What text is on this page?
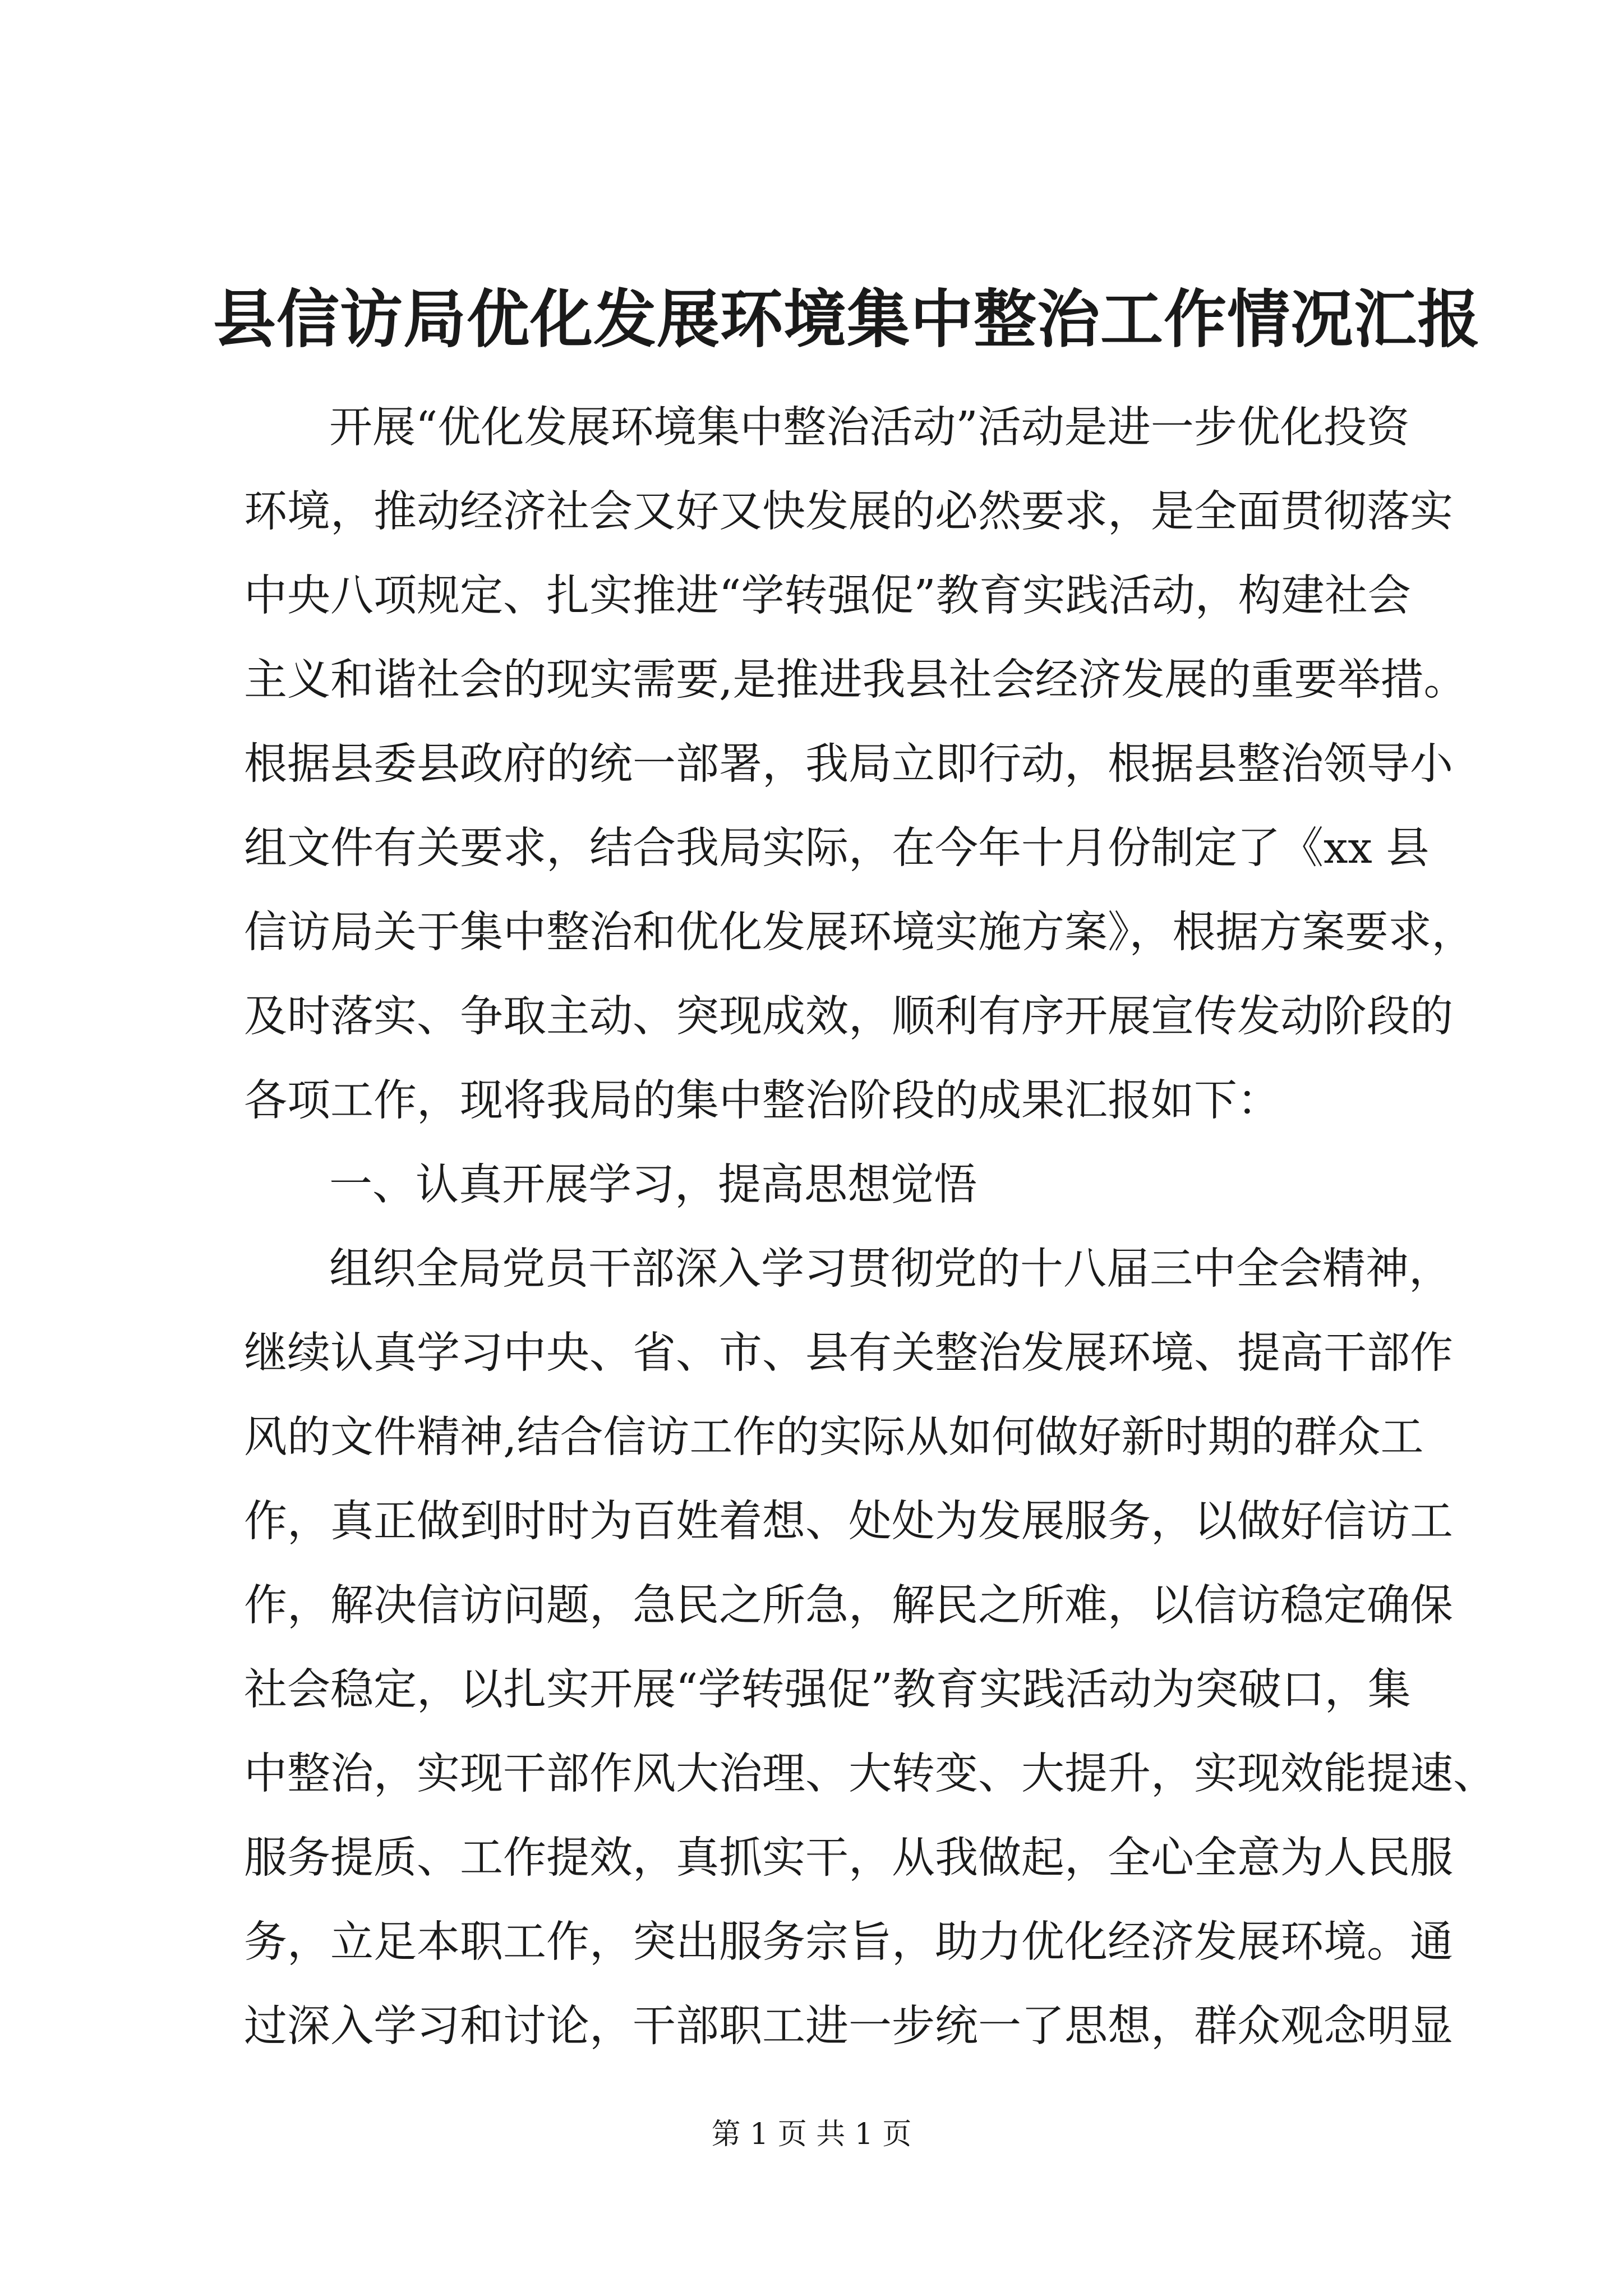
县信访局优化发展环境集中整治工作情况汇报
开展“优化发展环境集中整治活动”活动是进一步优化投资
环境，推动经济社会又好又快发展的必然要求，是全面贯彻落实
中央八项规定、扎实推进“学转强促”教育实践活动，构建社会
主义和谐社会的现实需要,是推进我县社会经济发展的重要举措。
根据县委县政府的统一部署，我局立即行动，根据县整治领导小
组文件有关要求，结合我局实际，在今年十月份制定了《xx 县
信访局关于集中整治和优化发展环境实施方案》，根据方案要求，
及时落实、争取主动、突现成效，顺利有序开展宣传发动阶段的
各项工作，现将我局的集中整治阶段的成果汇报如下：
一、认真开展学习，提高思想觉悟
组织全局党员干部深入学习贯彻党的十八届三中全会精神，
继续认真学习中央、省、市、县有关整治发展环境、提高干部作
风的文件精神,结合信访工作的实际从如何做好新时期的群众工
作，真正做到时时为百姓着想、处处为发展服务，以做好信访工
作，解决信访问题，急民之所急，解民之所难，以信访稳定确保
社会稳定，以扎实开展“学转强促”教育实践活动为突破口，集
中整治，实现干部作风大治理、大转变、大提升，实现效能提速、
服务提质、工作提效，真抓实干，从我做起，全心全意为人民服
务，立足本职工作，突出服务宗旨，助力优化经济发展环境。通
过深入学习和讨论，干部职工进一步统一了思想，群众观念明显
第 1 页 共 1 页
